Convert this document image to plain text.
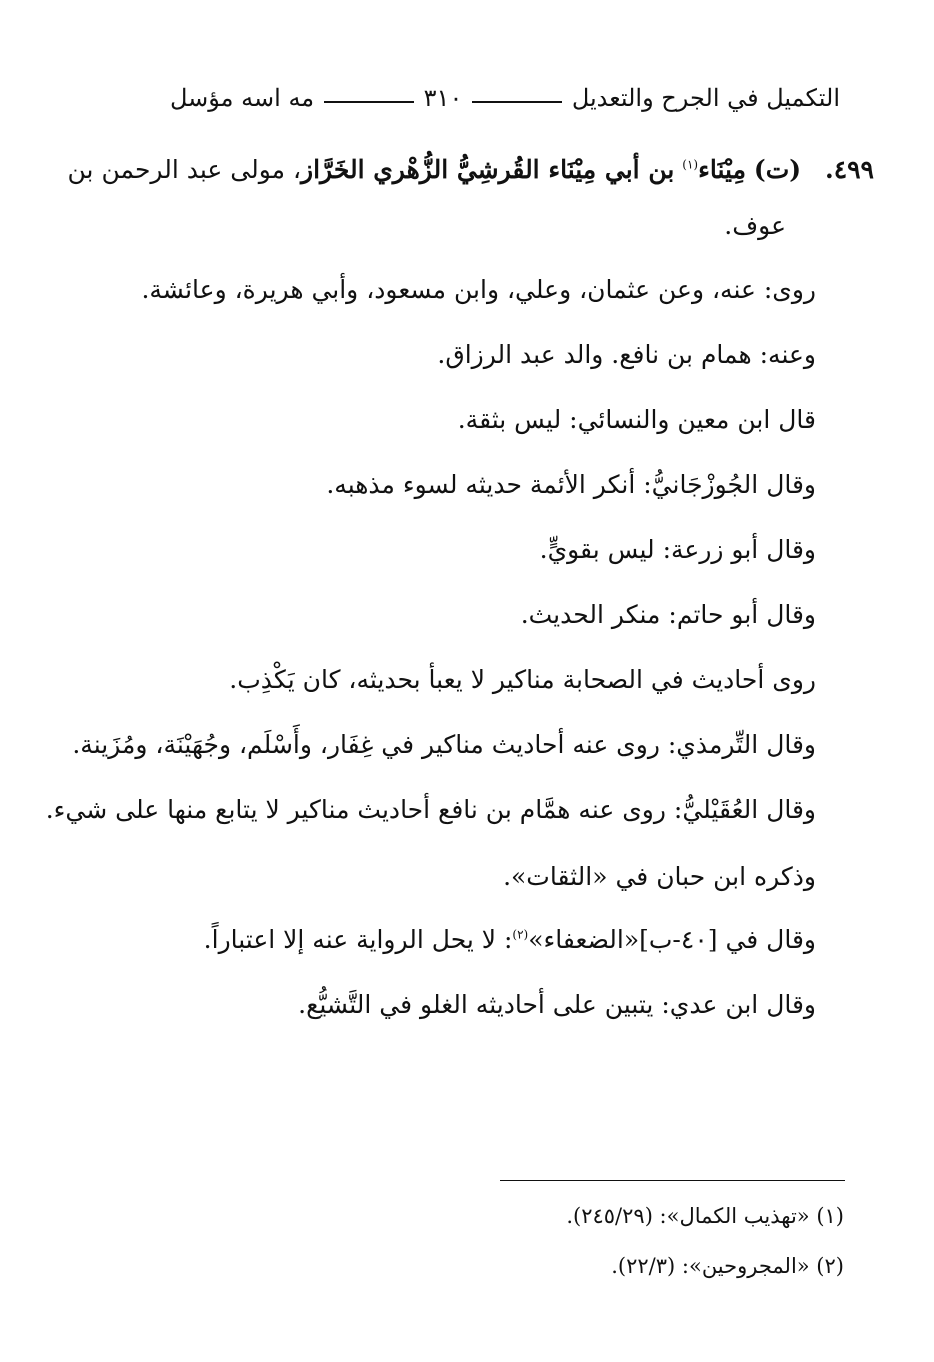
التكميل في الجرح والتعديل
٣١٠
مه اسه مؤسل
٤٩٩.   (ت) مِيْنَاء$^{(١)}$ بن أبي مِيْنَاء القُرشِيُّ الزُّهْري الخَرَّاز، مولى عبد الرحمن بن
عوف.
روى: عنه، وعن عثمان، وعلي، وابن مسعود، وأبي هريرة، وعائشة.
وعنه: همام بن نافع. والد عبد الرزاق.
قال ابن معين والنسائي: ليس بثقة.
وقال الجُوزْجَانيُّ: أنكر الأئمة حديثه لسوء مذهبه.
وقال أبو زرعة: ليس بقويٍّ.
وقال أبو حاتم: منكر الحديث.
روى أحاديث في الصحابة مناكير لا يعبأ بحديثه، كان يَكْذِب.
وقال التِّرمذي: روى عنه أحاديث مناكير في غِفَار، وأَسْلَم، وجُهَيْنَة، ومُزَينة.
وقال العُقَيْليُّ: روى عنه همَّام بن نافع أحاديث مناكير لا يتابع منها على شيء.
وذكره ابن حبان في «الثقات».
وقال في [٤٠-ب]«الضعفاء»$^{(٢)}$: لا يحل الرواية عنه إلا اعتباراً.
وقال ابن عدي: يتبين على أحاديثه الغلو في التَّشيُّع.
(١) «تهذيب الكمال»: (٢٤٥/٢٩).
(٢) «المجروحين»: (٢٢/٣).
